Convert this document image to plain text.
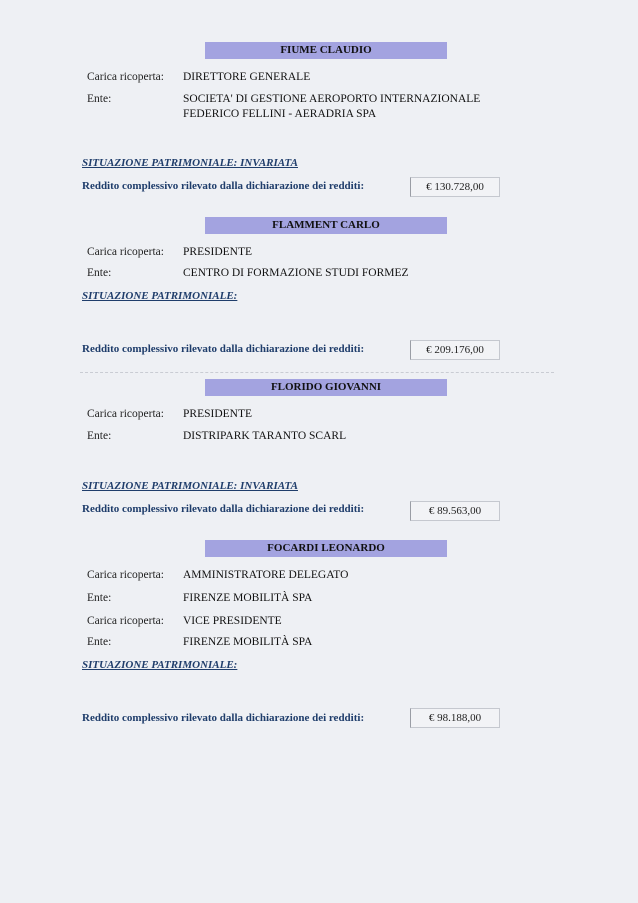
FIUME CLAUDIO
Carica ricoperta: DIRETTORE GENERALE
Ente:	SOCIETA' DI GESTIONE AEROPORTO INTERNAZIONALE FEDERICO FELLINI - AERADRIA SPA
SITUAZIONE PATRIMONIALE: INVARIATA
Reddito complessivo rilevato dalla dichiarazione dei redditi:	€ 130.728,00
FLAMMENT CARLO
Carica ricoperta: PRESIDENTE
Ente:	CENTRO DI FORMAZIONE STUDI FORMEZ
SITUAZIONE PATRIMONIALE:
Reddito complessivo rilevato dalla dichiarazione dei redditi:	€ 209.176,00
FLORIDO GIOVANNI
Carica ricoperta: PRESIDENTE
Ente:	DISTRIPARK TARANTO SCARL
SITUAZIONE PATRIMONIALE: INVARIATA
Reddito complessivo rilevato dalla dichiarazione dei redditi:	€ 89.563,00
FOCARDI LEONARDO
Carica ricoperta: AMMINISTRATORE DELEGATO
Ente:	FIRENZE MOBILITÀ SPA
Carica ricoperta: VICE PRESIDENTE
Ente:	FIRENZE MOBILITÀ SPA
SITUAZIONE PATRIMONIALE:
Reddito complessivo rilevato dalla dichiarazione dei redditi:	€ 98.188,00
